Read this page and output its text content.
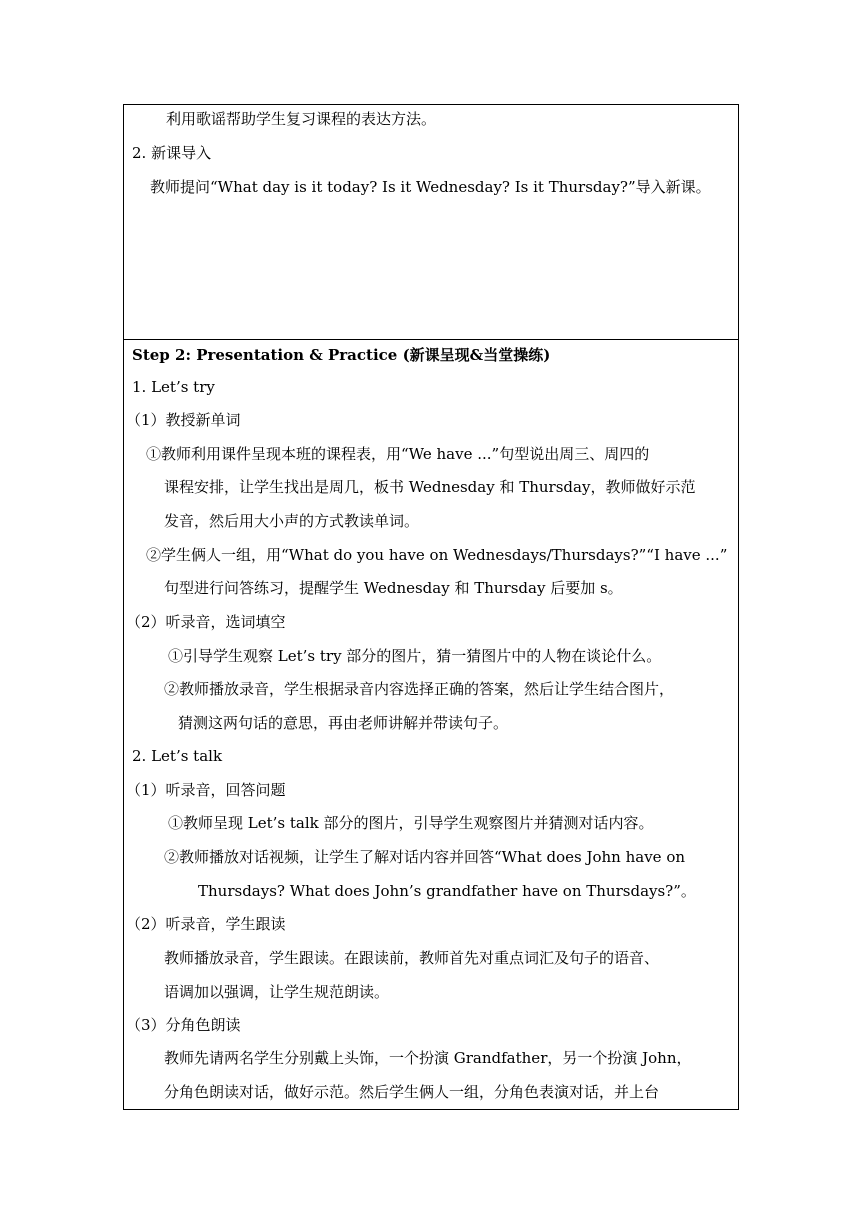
利用歌谣帮助学生复习课程的表达方法。
2. 新课导入
教师提问“What day is it today? Is it Wednesday? Is it Thursday?”导入新课。
Step 2: Presentation & Practice (新课呈现&当堂操练)
1. Let’s try
（1）教授新单词
①教师利用课件呈现本班的课程表，用“We have ...”句型说出周三、周四的
课程安排，让学生找出是周几，板书 Wednesday 和 Thursday，教师做好示范
发音，然后用大小声的方式教读单词。
②学生俩人一组，用“What do you have on Wednesdays/Thursdays?”“I have ...”
句型进行问答练习，提醒学生 Wednesday 和 Thursday 后要加 s。
（2）听录音，选词填空
①引导学生观察 Let’s try 部分的图片，猜一猜图片中的人物在谈论什么。
②教师播放录音，学生根据录音内容选择正确的答案，然后让学生结合图片，
猜测这两句话的意思，再由老师讲解并带读句子。
2. Let’s talk
（1）听录音，回答问题
①教师呈现 Let’s talk 部分的图片，引导学生观察图片并猜测对话内容。
②教师播放对话视频，让学生了解对话内容并回答“What does John have on
Thursdays? What does John’s grandfather have on Thursdays?”。
（2）听录音，学生跟读
教师播放录音，学生跟读。在跟读前，教师首先对重点词汇及句子的语音、
语调加以强调，让学生规范朗读。
（3）分角色朗读
教师先请两名学生分别戴上头饰，一个扮演 Grandfather，另一个扮演 John，
分角色朗读对话，做好示范。然后学生俩人一组，分角色表演对话，并上台
